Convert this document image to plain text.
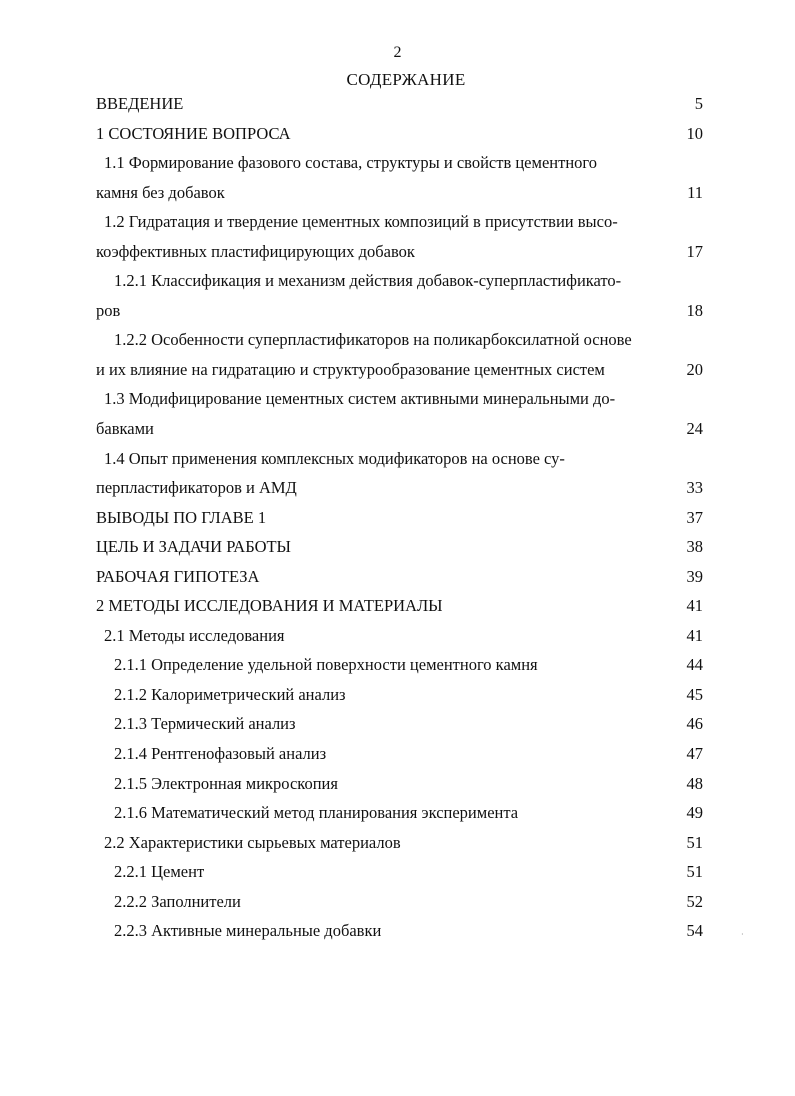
2
СОДЕРЖАНИЕ
ВВЕДЕНИЕ	5
1 СОСТОЯНИЕ ВОПРОСА	10
1.1 Формирование фазового состава, структуры и свойств цементного
камня без добавок	11
1.2 Гидратация и твердение цементных композиций в присутствии высо-
коэффективных пластифицирующих добавок	17
1.2.1 Классификация и механизм действия добавок-суперпластификато-
ров	18
1.2.2 Особенности суперпластификаторов на поликарбоксилатной основе
и их влияние на гидратацию и структурообразование цементных систем	20
1.3 Модифицирование цементных систем активными минеральными до-
бавками	24
1.4 Опыт применения комплексных модификаторов на основе су-
перпластификаторов и АМД	33
ВЫВОДЫ ПО ГЛАВЕ 1	37
ЦЕЛЬ И ЗАДАЧИ РАБОТЫ	38
РАБОЧАЯ ГИПОТЕЗА	39
2 МЕТОДЫ ИССЛЕДОВАНИЯ И МАТЕРИАЛЫ	41
2.1 Методы исследования	41
2.1.1 Определение удельной поверхности цементного камня	44
2.1.2 Калориметрический анализ	45
2.1.3 Термический анализ	46
2.1.4 Рентгенофазовый анализ	47
2.1.5 Электронная микроскопия	48
2.1.6 Математический метод планирования эксперимента	49
2.2 Характеристики сырьевых материалов	51
2.2.1 Цемент	51
2.2.2 Заполнители	52
2.2.3 Активные минеральные добавки	54	·
